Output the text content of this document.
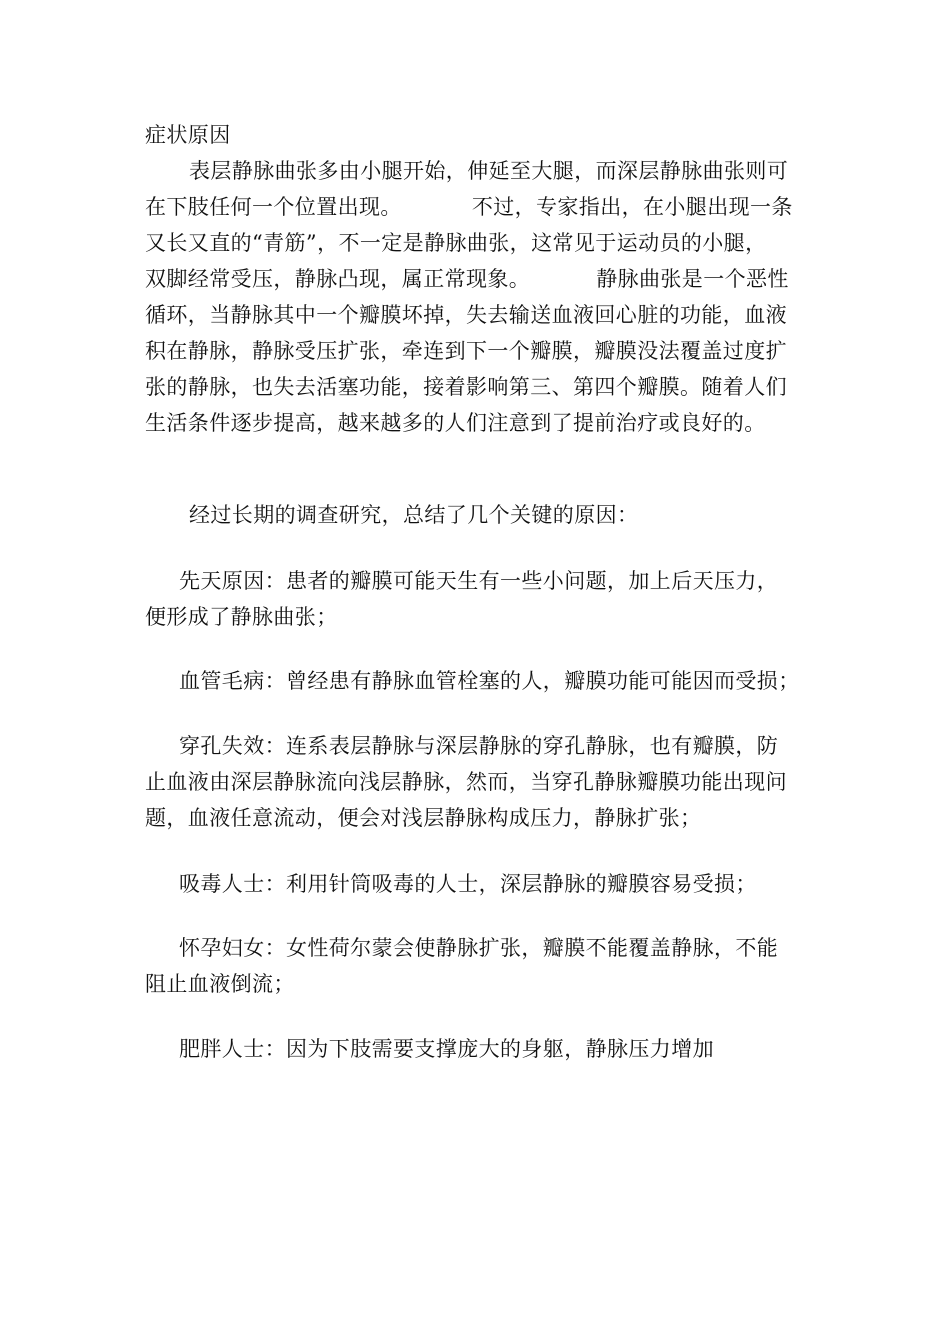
症状原因
表层静脉曲张多由小腿开始，伸延至大腿，而深层静脉曲张则可
在下肢任何一个位置出现。	不过，专家指出，在小腿出现一条
又长又直的“青筋”，不一定是静脉曲张，这常见于运动员的小腿，
双脚经常受压，静脉凸现，属正常现象。	静脉曲张是一个恶性
循环，当静脉其中一个瓣膜坏掉，失去输送血液回心脏的功能，血液
积在静脉，静脉受压扩张，牵连到下一个瓣膜，瓣膜没法覆盖过度扩
张的静脉，也失去活塞功能，接着影响第三、第四个瓣膜。随着人们
生活条件逐步提高，越来越多的人们注意到了提前治疗或良好的。
经过长期的调查研究，总结了几个关键的原因：
先天原因：患者的瓣膜可能天生有一些小问题，加上后天压力，
便形成了静脉曲张；
血管毛病：曾经患有静脉血管栓塞的人，瓣膜功能可能因而受损；
穿孔失效：连系表层静脉与深层静脉的穿孔静脉，也有瓣膜，防
止血液由深层静脉流向浅层静脉，然而，当穿孔静脉瓣膜功能出现问
题，血液任意流动，便会对浅层静脉构成压力，静脉扩张；
吸毒人士：利用针筒吸毒的人士，深层静脉的瓣膜容易受损；
怀孕妇女：女性荷尔蒙会使静脉扩张，瓣膜不能覆盖静脉，不能
阻止血液倒流；
肥胖人士：因为下肢需要支撑庞大的身躯，静脉压力增加
